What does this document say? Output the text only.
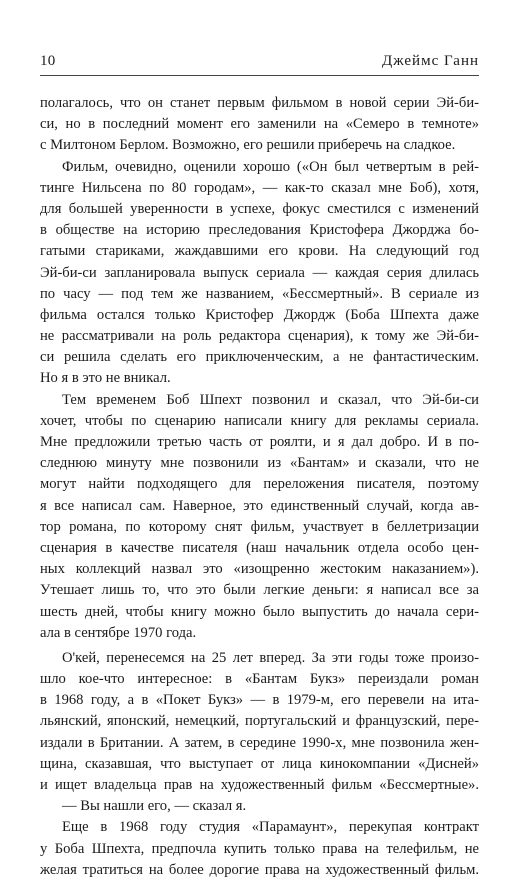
10	Джеймс Ганн
полагалось, что он станет первым фильмом в новой серии Эй-би-
си, но в последний момент его заменили на «Семеро в темноте»
с Милтоном Берлом. Возможно, его решили приберечь на сладкое.
Фильм, очевидно, оценили хорошо («Он был четвертым в рей-
тинге Нильсена по 80 городам», — как-то сказал мне Боб), хотя,
для большей уверенности в успехе, фокус сместился с изменений
в обществе на историю преследования Кристофера Джорджа бо-
гатыми стариками, жаждавшими его крови. На следующий год
Эй-би-си запланировала выпуск сериала — каждая серия длилась
по часу — под тем же названием, «Бессмертный». В сериале из
фильма остался только Кристофер Джордж (Боба Шпехта даже
не рассматривали на роль редактора сценария), к тому же Эй-би-
си решила сделать его приключенческим, а не фантастическим.
Но я в это не вникал.
Тем временем Боб Шпехт позвонил и сказал, что Эй-би-си
хочет, чтобы по сценарию написали книгу для рекламы сериала.
Мне предложили третью часть от роялти, и я дал добро. И в по-
следнюю минуту мне позвонили из «Бантам» и сказали, что не
могут найти подходящего для переложения писателя, поэтому
я все написал сам. Наверное, это единственный случай, когда ав-
тор романа, по которому снят фильм, участвует в беллетризации
сценария в качестве писателя (наш начальник отдела особо цен-
ных коллекций назвал это «изощренно жестоким наказанием»).
Утешает лишь то, что это были легкие деньги: я написал все за
шесть дней, чтобы книгу можно было выпустить до начала сери-
ала в сентябре 1970 года.
О'кей, перенесемся на 25 лет вперед. За эти годы тоже произо-
шло кое-что интересное: в «Бантам Букз» переиздали роман
в 1968 году, а в «Покет Букз» — в 1979-м, его перевели на ита-
льянский, японский, немецкий, португальский и французский, пере-
издали в Британии. А затем, в середине 1990-х, мне позвонила жен-
щина, сказавшая, что выступает от лица кинокомпании «Дисней»
и ищет владельца прав на художественный фильм «Бессмертные».
— Вы нашли его, — сказал я.
Еще в 1968 году студия «Парамаунт», перекупая контракт
у Боба Шпехта, предпочла купить только права на телефильм, не
желая тратиться на более дорогие права на художественный фильм.
